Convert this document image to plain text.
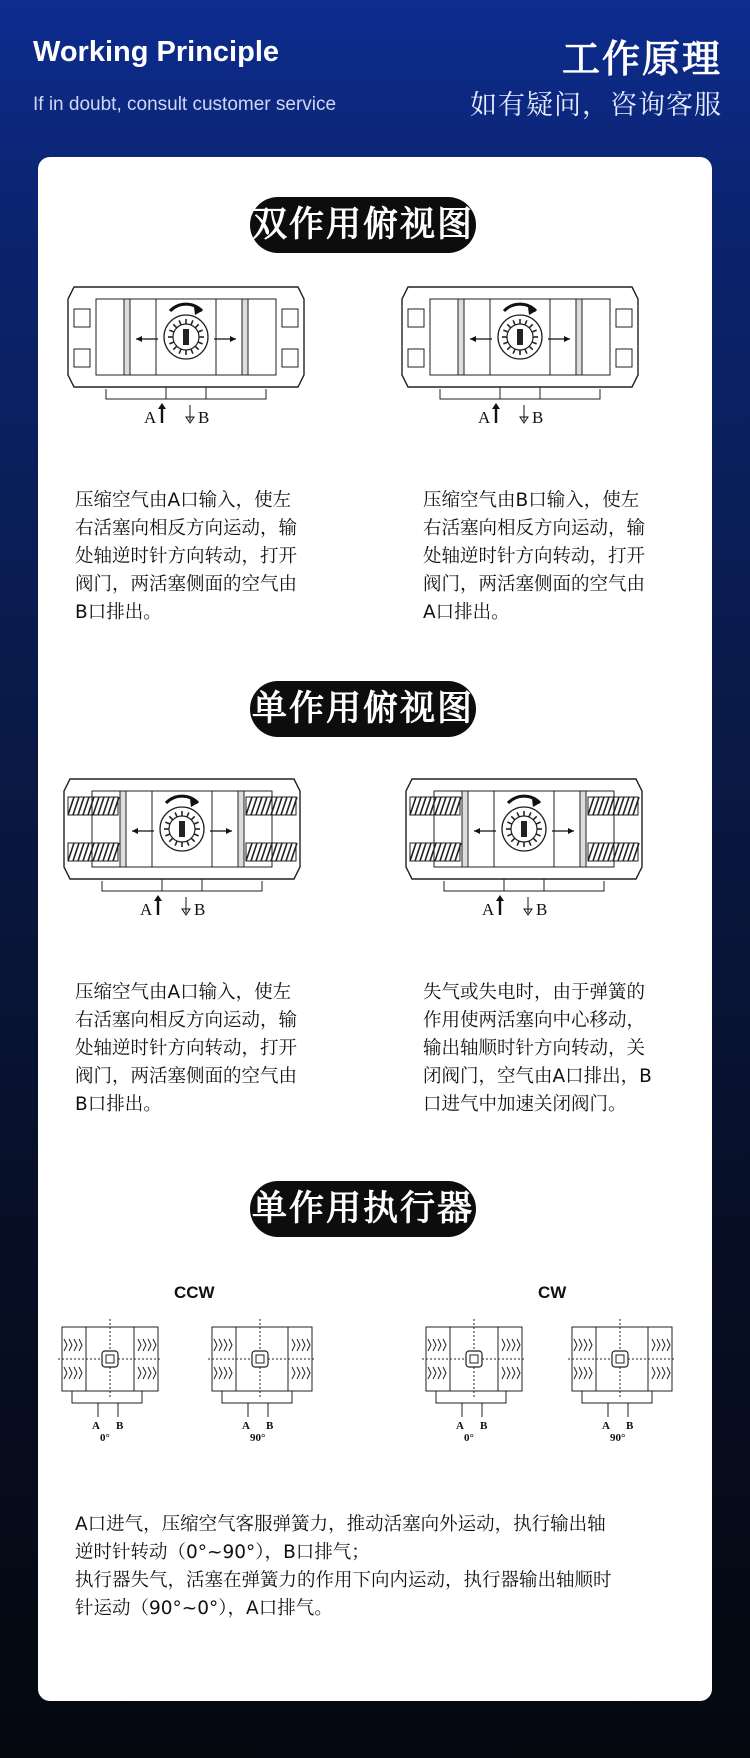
Working Principle
If in doubt, consult customer service
工作原理
如有疑问，咨询客服
双作用俯视图
A B	A B
压缩空气由A口输入，使左
右活塞向相反方向运动，输
处轴逆时针方向转动，打开
阀门，两活塞侧面的空气由
B口排出。
压缩空气由B口输入，使左
右活塞向相反方向运动，输
处轴逆时针方向转动，打开
阀门，两活塞侧面的空气由
A口排出。
单作用俯视图
A B	A B
压缩空气由A口输入，使左
右活塞向相反方向运动，输
处轴逆时针方向转动，打开
阀门，两活塞侧面的空气由
B口排出。
失气或失电时，由于弹簧的
作用使两活塞向中心移动，
输出轴顺时针方向转动，关
闭阀门，空气由A口排出，B
口进气中加速关闭阀门。
单作用执行器
CCW	CW
A B
0°
A B
90°
A B
0°
A B
90°
A口进气，压缩空气客服弹簧力，推动活塞向外运动，执行输出轴
逆时针转动（0°~90°），B口排气；
执行器失气，活塞在弹簧力的作用下向内运动，执行器输出轴顺时
针运动（90°~0°），A口排气。
